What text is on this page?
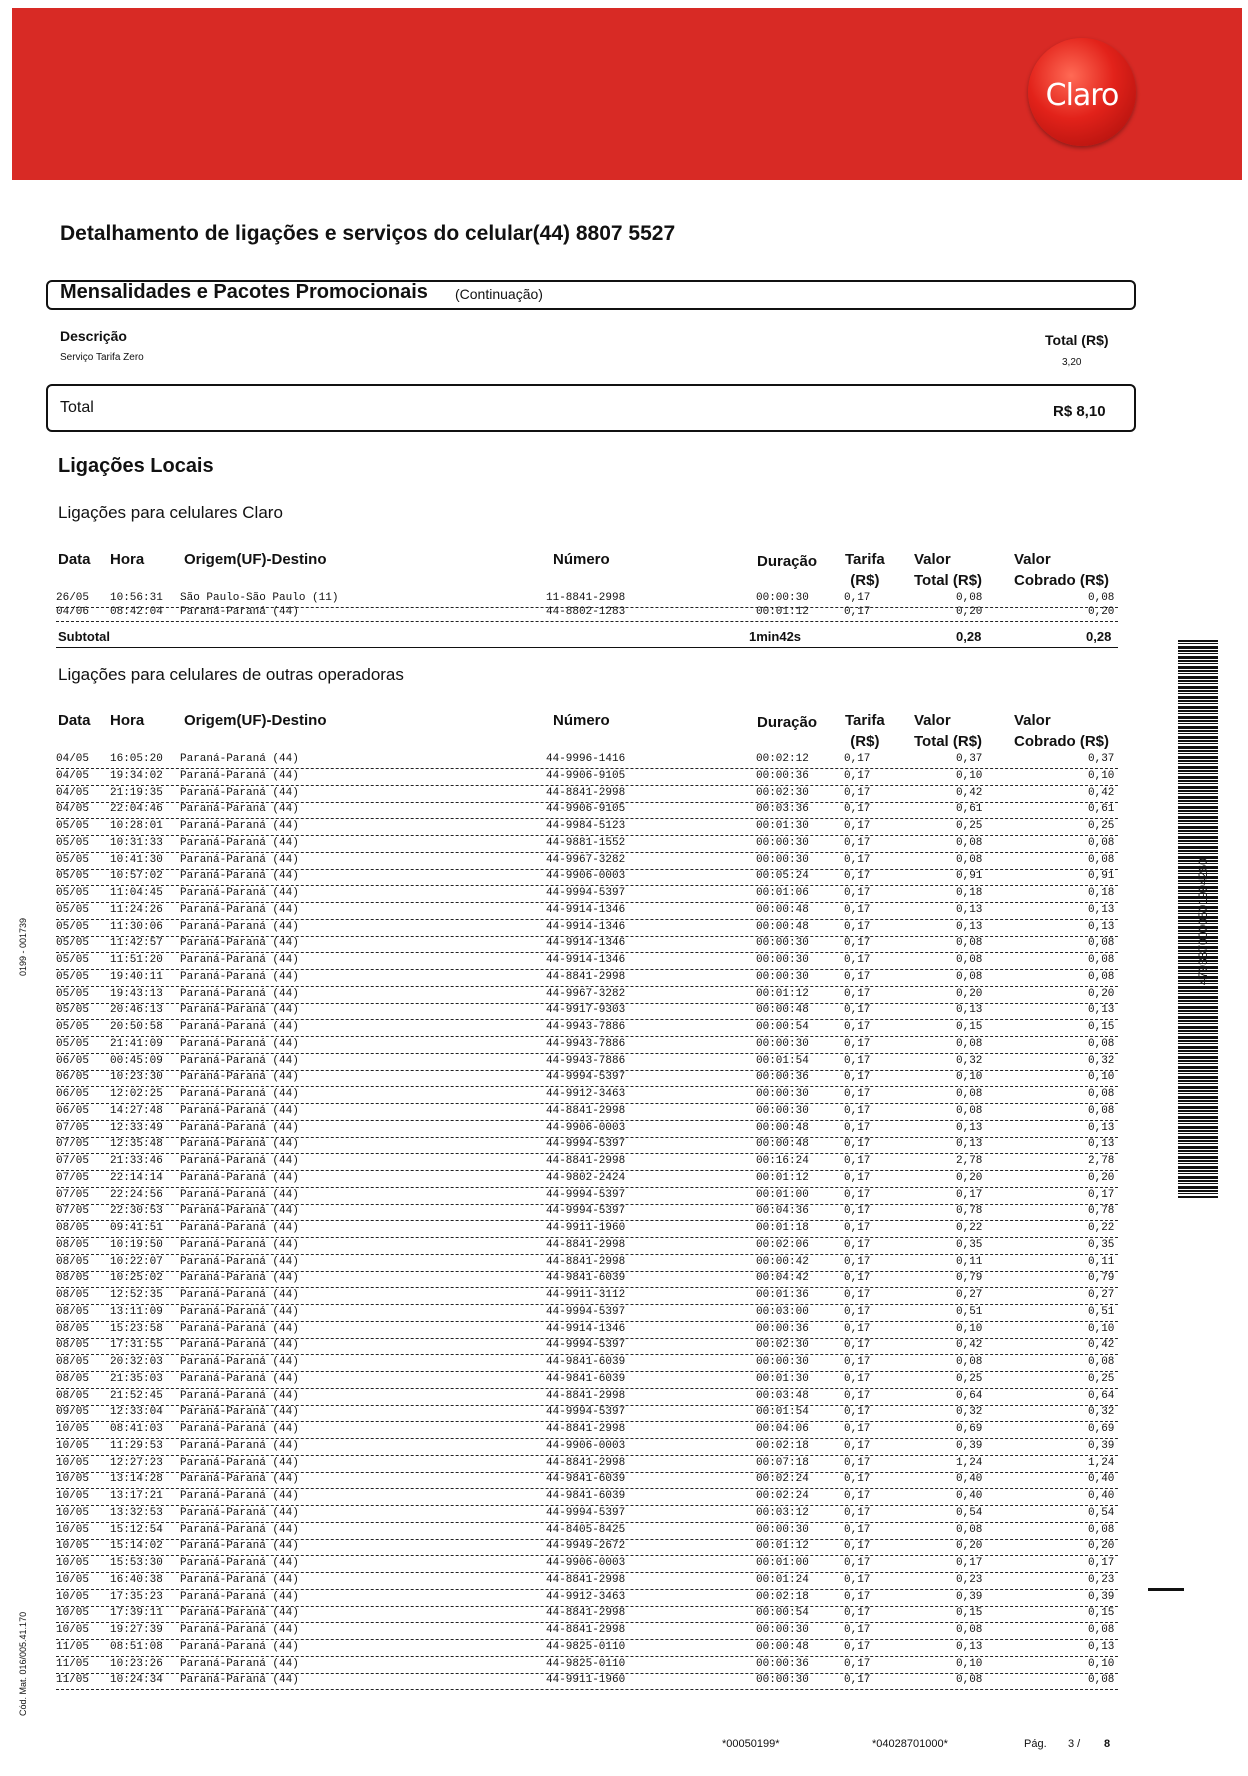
Claro
Detalhamento de ligações e serviços do celular(44) 8807 5527
Mensalidades e Pacotes Promocionais (Continuação)
Descrição
Serviço Tarifa Zero
Total (R$)
3,20
Total	R$ 8,10
Ligações Locais
Ligações para celulares Claro
Data Hora	Origem(UF)-Destino	Número	Duração Tarifa
(R$)
Valor
Total (R$)
Valor
Cobrado (R$)
26/05 10:56:31 São Paulo-São Paulo (11)	11-8841-2998	00:00:30	0,17	0,08	0,08
04/06 08:42:04 Paraná-Paraná (44)	44-8802-1283	00:01:12	0,17	0,20	0,20
Subtotal	1min42s	0,28	0,28
Ligações para celulares de outras operadoras
Data Hora	Origem(UF)-Destino	Número	Duração Tarifa
(R$)
Valor
Total (R$)
Valor
Cobrado (R$)
04/05 16:05:20 Paraná-Paraná (44)	44-9996-1416	00:02:12	0,17	0,37	0,37
04/05 19:34:02 Paraná-Paraná (44)	44-9906-9105	00:00:36	0,17	0,10	0,10
04/05 21:19:35 Paraná-Paraná (44)	44-8841-2998	00:02:30	0,17	0,42	0,42
04/05 22:04:46 Paraná-Paraná (44)	44-9906-9105	00:03:36	0,17	0,61	0,61
05/05 10:28:01 Paraná-Paraná (44)	44-9984-5123	00:01:30	0,17	0,25	0,25
05/05 10:31:33 Paraná-Paraná (44)	44-9881-1552	00:00:30	0,17	0,08	0,08
05/05 10:41:30 Paraná-Paraná (44)	44-9967-3282	00:00:30	0,17	0,08	0,08
05/05 10:57:02 Paraná-Paraná (44)	44-9906-0003	00:05:24	0,17	0,91	0,91
05/05 11:04:45 Paraná-Paraná (44)	44-9994-5397	00:01:06	0,17	0,18	0,18
05/05 11:24:26 Paraná-Paraná (44)	44-9914-1346	00:00:48	0,17	0,13	0,13
05/05 11:30:06 Paraná-Paraná (44)	44-9914-1346	00:00:48	0,17	0,13	0,13
05/05 11:42:57 Paraná-Paraná (44)	44-9914-1346	00:00:30	0,17	0,08	0,08
05/05 11:51:20 Paraná-Paraná (44)	44-9914-1346	00:00:30	0,17	0,08	0,08
05/05 19:40:11 Paraná-Paraná (44)	44-8841-2998	00:00:30	0,17	0,08	0,08
05/05 19:43:13 Paraná-Paraná (44)	44-9967-3282	00:01:12	0,17	0,20	0,20
05/05 20:46:13 Paraná-Paraná (44)	44-9917-9303	00:00:48	0,17	0,13	0,13
05/05 20:50:58 Paraná-Paraná (44)	44-9943-7886	00:00:54	0,17	0,15	0,15
05/05 21:41:09 Paraná-Paraná (44)	44-9943-7886	00:00:30	0,17	0,08	0,08
06/05 00:45:09 Paraná-Paraná (44)	44-9943-7886	00:01:54	0,17	0,32	0,32
06/05 10:23:30 Paraná-Paraná (44)	44-9994-5397	00:00:36	0,17	0,10	0,10
06/05 12:02:25 Paraná-Paraná (44)	44-9912-3463	00:00:30	0,17	0,08	0,08
06/05 14:27:48 Paraná-Paraná (44)	44-8841-2998	00:00:30	0,17	0,08	0,08
07/05 12:33:49 Paraná-Paraná (44)	44-9906-0003	00:00:48	0,17	0,13	0,13
07/05 12:35:48 Paraná-Paraná (44)	44-9994-5397	00:00:48	0,17	0,13	0,13
07/05 21:33:46 Paraná-Paraná (44)	44-8841-2998	00:16:24	0,17	2,78	2,78
07/05 22:14:14 Paraná-Paraná (44)	44-9802-2424	00:01:12	0,17	0,20	0,20
07/05 22:24:56 Paraná-Paraná (44)	44-9994-5397	00:01:00	0,17	0,17	0,17
07/05 22:30:53 Paraná-Paraná (44)	44-9994-5397	00:04:36	0,17	0,78	0,78
08/05 09:41:51 Paraná-Paraná (44)	44-9911-1960	00:01:18	0,17	0,22	0,22
08/05 10:19:50 Paraná-Paraná (44)	44-8841-2998	00:02:06	0,17	0,35	0,35
08/05 10:22:07 Paraná-Paraná (44)	44-8841-2998	00:00:42	0,17	0,11	0,11
08/05 10:25:02 Paraná-Paraná (44)	44-9841-6039	00:04:42	0,17	0,79	0,79
08/05 12:52:35 Paraná-Paraná (44)	44-9911-3112	00:01:36	0,17	0,27	0,27
08/05 13:11:09 Paraná-Paraná (44)	44-9994-5397	00:03:00	0,17	0,51	0,51
08/05 15:23:58 Paraná-Paraná (44)	44-9914-1346	00:00:36	0,17	0,10	0,10
08/05 17:31:55 Paraná-Paraná (44)	44-9994-5397	00:02:30	0,17	0,42	0,42
08/05 20:32:03 Paraná-Paraná (44)	44-9841-6039	00:00:30	0,17	0,08	0,08
08/05 21:35:03 Paraná-Paraná (44)	44-9841-6039	00:01:30	0,17	0,25	0,25
08/05 21:52:45 Paraná-Paraná (44)	44-8841-2998	00:03:48	0,17	0,64	0,64
09/05 12:33:04 Paraná-Paraná (44)	44-9994-5397	00:01:54	0,17	0,32	0,32
10/05 08:41:03 Paraná-Paraná (44)	44-8841-2998	00:04:06	0,17	0,69	0,69
10/05 11:29:53 Paraná-Paraná (44)	44-9906-0003	00:02:18	0,17	0,39	0,39
10/05 12:27:23 Paraná-Paraná (44)	44-8841-2998	00:07:18	0,17	1,24	1,24
10/05 13:14:28 Paraná-Paraná (44)	44-9841-6039	00:02:24	0,17	0,40	0,40
10/05 13:17:21 Paraná-Paraná (44)	44-9841-6039	00:02:24	0,17	0,40	0,40
10/05 13:32:53 Paraná-Paraná (44)	44-9994-5397	00:03:12	0,17	0,54	0,54
10/05 15:12:54 Paraná-Paraná (44)	44-8405-8425	00:00:30	0,17	0,08	0,08
10/05 15:14:02 Paraná-Paraná (44)	44-9949-2672	00:01:12	0,17	0,20	0,20
10/05 15:53:30 Paraná-Paraná (44)	44-9906-0003	00:01:00	0,17	0,17	0,17
10/05 16:40:38 Paraná-Paraná (44)	44-8841-2998	00:01:24	0,17	0,23	0,23
10/05 17:35:23 Paraná-Paraná (44)	44-9912-3463	00:02:18	0,17	0,39	0,39
10/05 17:39:11 Paraná-Paraná (44)	44-8841-2998	00:00:54	0,17	0,15	0,15
10/05 19:27:39 Paraná-Paraná (44)	44-8841-2998	00:00:30	0,17	0,08	0,08
11/05 08:51:08 Paraná-Paraná (44)	44-9825-0110	00:00:48	0,17	0,13	0,13
11/05 10:23:26 Paraná-Paraná (44)	44-9825-0110	00:00:36	0,17	0,10	0,10
11/05 10:24:34 Paraná-Paraná (44)	44-9911-1960	00:00:30	0,17	0,08	0,08
0199 - 001739
Cód. Mat. 016/005.41.170
4793370000501994260
*00050199*	*04028701000*	Pág. 3 / 8
